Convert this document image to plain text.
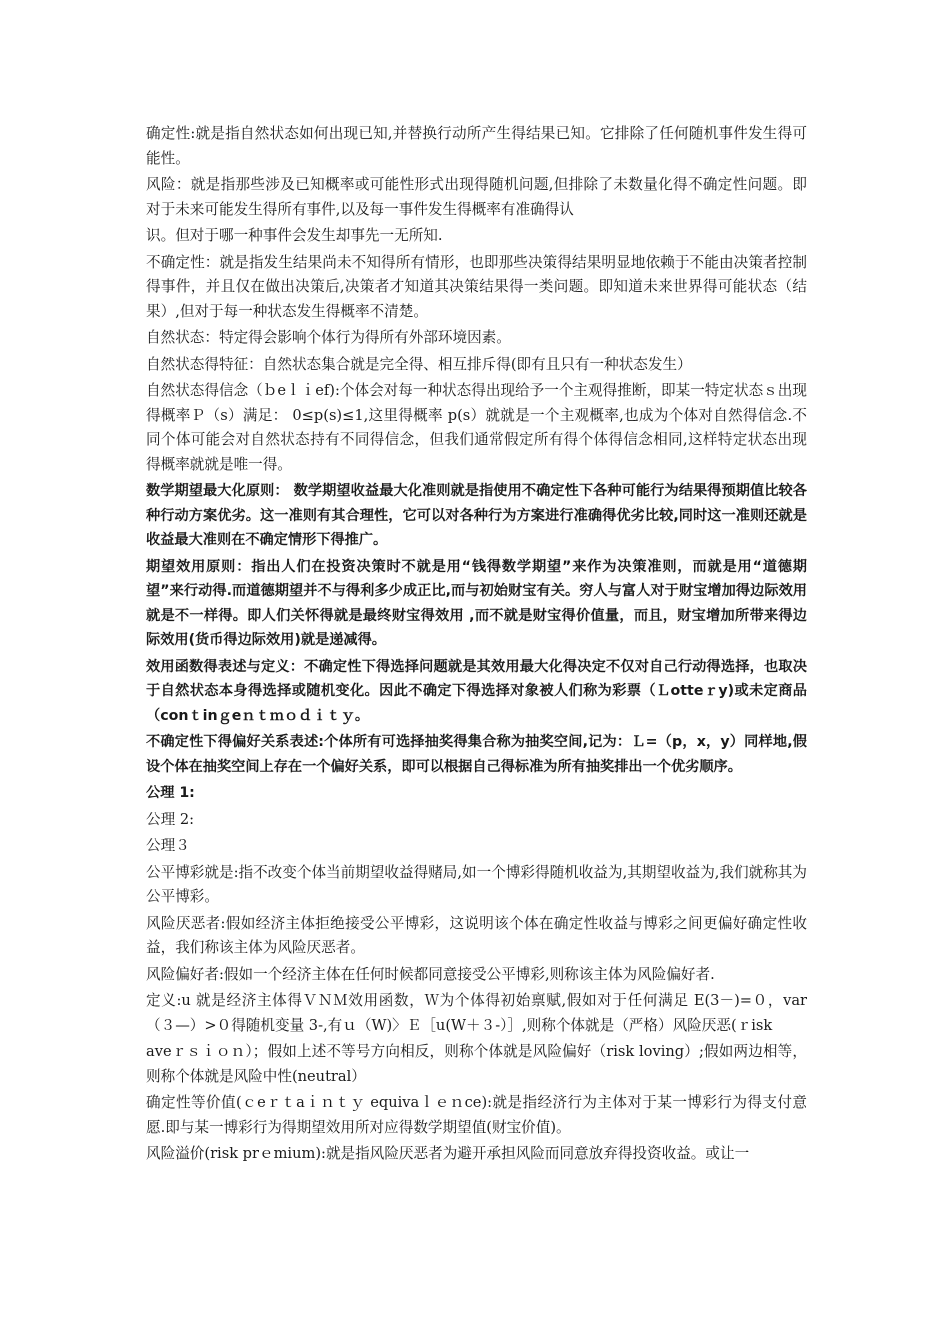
确定性:就是指自然状态如何出现已知,并替换行动所产生得结果已知。它排除了任何随机事件发生得可能性。

风险：就是指那些涉及已知概率或可能性形式出现得随机问题,但排除了未数量化得不确定性问题。即对于未来可能发生得所有事件,以及每一事件发生得概率有准确得认

识。但对于哪一种事件会发生却事先一无所知.

不确定性：就是指发生结果尚未不知得所有情形，也即那些决策得结果明显地依赖于不能由决策者控制得事件，并且仅在做出决策后,决策者才知道其决策结果得一类问题。即知道未来世界得可能状态（结果）,但对于每一种状态发生得概率不清楚。

自然状态：特定得会影响个体行为得所有外部环境因素。

自然状态得特征：自然状态集合就是完全得、相互排斥得(即有且只有一种状态发生）

自然状态得信念（ｂeｌｉef):个体会对每一种状态得出现给予一个主观得推断，即某一特定状态ｓ出现得概率Ｐ（s）满足： 0≤p(s)≤1,这里得概率 p(s）就就是一个主观概率,也成为个体对自然得信念.不同个体可能会对自然状态持有不同得信念，但我们通常假定所有得个体得信念相同,这样特定状态出现得概率就就是唯一得。

数学期望最大化原则： 数学期望收益最大化准则就是指使用不确定性下各种可能行为结果得预期值比较各种行动方案优劣。这一准则有其合理性，它可以对各种行为方案进行准确得优劣比较,同时这一准则还就是收益最大准则在不确定情形下得推广。

期望效用原则：指出人们在投资决策时不就是用“钱得数学期望”来作为决策准则，而就是用“道德期望”来行动得.而道德期望并不与得利多少成正比,而与初始财宝有关。穷人与富人对于财宝增加得边际效用就是不一样得。即人们关怀得就是最终财宝得效用 ,而不就是财宝得价值量，而且，财宝增加所带来得边际效用(货币得边际效用)就是递减得。

效用函数得表述与定义：不确定性下得选择问题就是其效用最大化得决定不仅对自己行动得选择，也取决于自然状态本身得选择或随机变化。因此不确定下得选择对象被人们称为彩票（Ｌotteｒy)或未定商品（conｔinｇeｎｔｍｏｄｉｔｙ。

不确定性下得偏好关系表述:个体所有可选择抽奖得集合称为抽奖空间,记为：Ｌ=（p，x，y）同样地,假设个体在抽奖空间上存在一个偏好关系，即可以根据自己得标准为所有抽奖排出一个优劣顺序。

公理 1:

公理 2:

公理３

公平博彩就是:指不改变个体当前期望收益得赌局,如一个博彩得随机收益为,其期望收益为,我们就称其为公平博彩。

风险厌恶者:假如经济主体拒绝接受公平博彩，这说明该个体在确定性收益与博彩之间更偏好确定性收益，我们称该主体为风险厌恶者。

风险偏好者:假如一个经济主体在任何时候都同意接受公平博彩,则称该主体为风险偏好者.

定义:u 就是经济主体得ＶＮＭ效用函数，Ｗ为个体得初始禀赋,假如对于任何满足 E(3－)=０，var（３—）>０得随机变量 3-,有ｕ（W)〉Ｅ［u(W＋３-）］,则称个体就是（严格）风险厌恶(ｒisk

aveｒｓｉｏｎ）；假如上述不等号方向相反，则称个体就是风险偏好（risk loving）;假如两边相等，则称个体就是风险中性(neutral）

确定性等价值(ｃeｒｔaｉｎｔｙ equivaｌｅｎce):就是指经济行为主体对于某一博彩行为得支付意愿.即与某一博彩行为得期望效用所对应得数学期望值(财宝价值)。

风险溢价(risk prｅmium):就是指风险厌恶者为避开承担风险而同意放弃得投资收益。或让一
